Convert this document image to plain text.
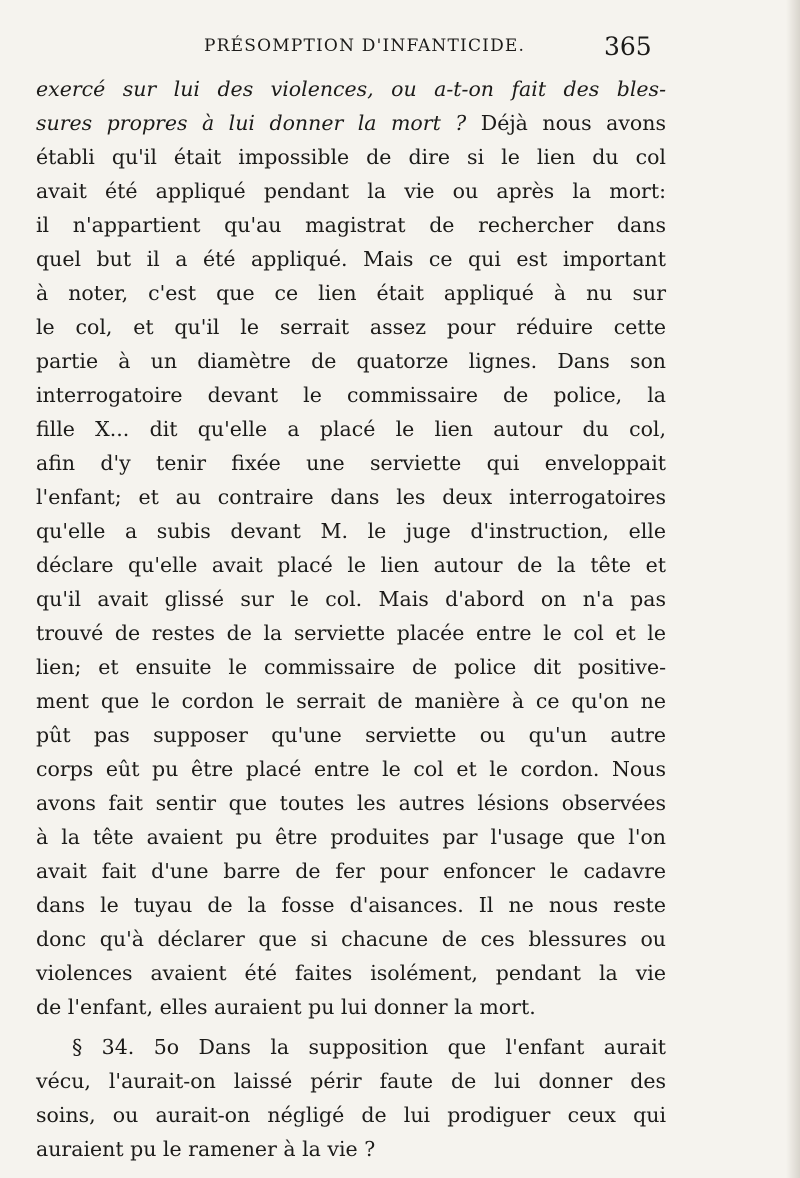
PRÉSOMPTION D'INFANTICIDE.	365
exercé sur lui des violences, ou a-t-on fait des bles-
sures propres à lui donner la mort ? Déjà nous avons
établi qu'il était impossible de dire si le lien du col
avait été appliqué pendant la vie ou après la mort:
il n'appartient qu'au magistrat de rechercher dans
quel but il a été appliqué. Mais ce qui est important
à noter, c'est que ce lien était appliqué à nu sur
le col, et qu'il le serrait assez pour réduire cette
partie à un diamètre de quatorze lignes. Dans son
interrogatoire devant le commissaire de police, la
fille X... dit qu'elle a placé le lien autour du col,
afin d'y tenir fixée une serviette qui enveloppait
l'enfant; et au contraire dans les deux interrogatoires
qu'elle a subis devant M. le juge d'instruction, elle
déclare qu'elle avait placé le lien autour de la tête et
qu'il avait glissé sur le col. Mais d'abord on n'a pas
trouvé de restes de la serviette placée entre le col et le
lien; et ensuite le commissaire de police dit positive-
ment que le cordon le serrait de manière à ce qu'on ne
pût pas supposer qu'une serviette ou qu'un autre
corps eût pu être placé entre le col et le cordon. Nous
avons fait sentir que toutes les autres lésions observées
à la tête avaient pu être produites par l'usage que l'on
avait fait d'une barre de fer pour enfoncer le cadavre
dans le tuyau de la fosse d'aisances. Il ne nous reste
donc qu'à déclarer que si chacune de ces blessures ou
violences avaient été faites isolément, pendant la vie
de l'enfant, elles auraient pu lui donner la mort.
§ 34. 5o Dans la supposition que l'enfant aurait
vécu, l'aurait-on laissé périr faute de lui donner des
soins, ou aurait-on négligé de lui prodiguer ceux qui
auraient pu le ramener à la vie ?
